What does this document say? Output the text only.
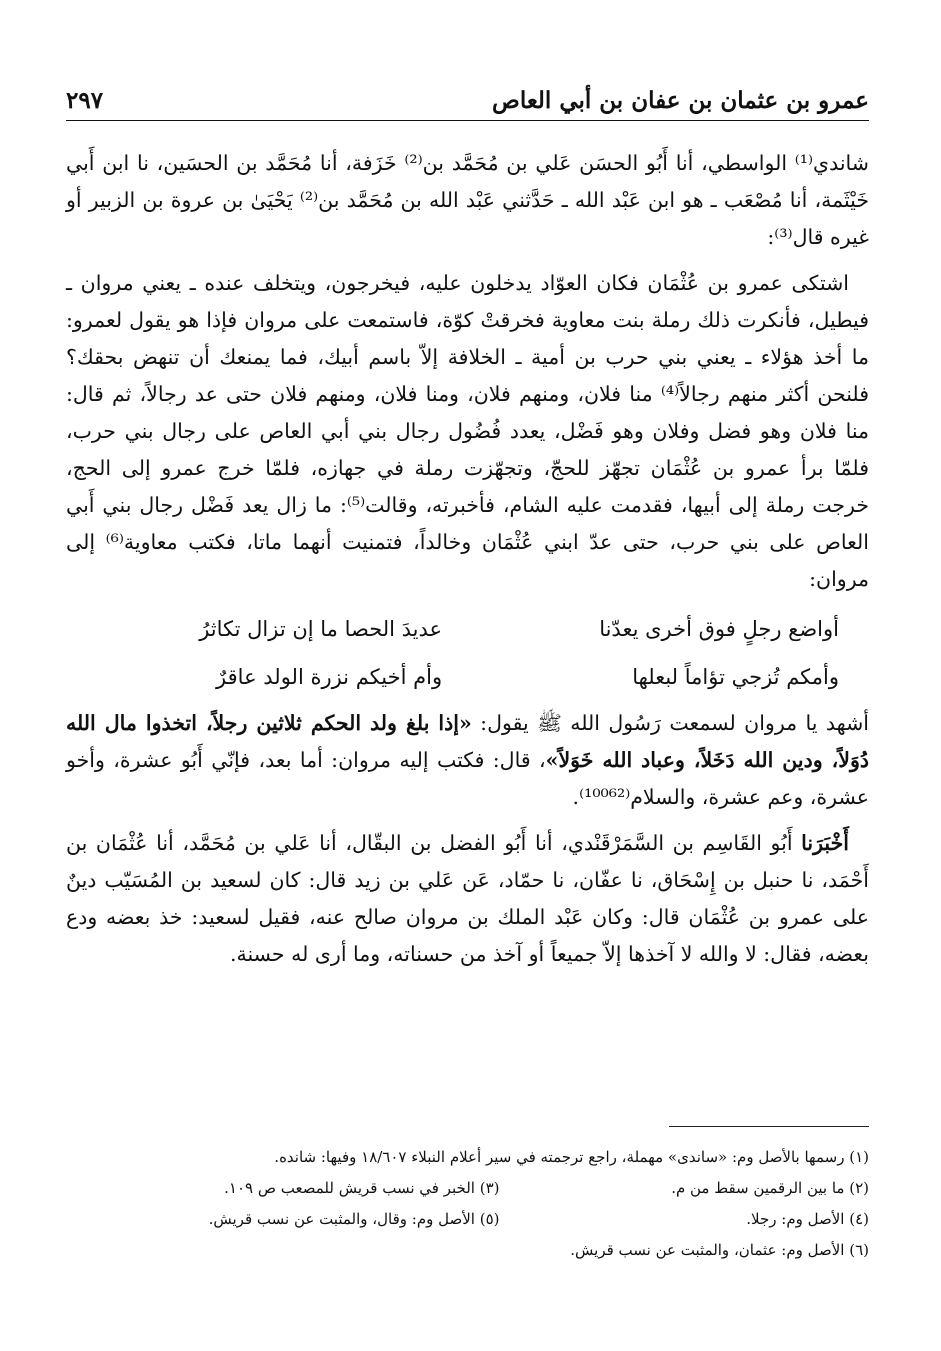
عمرو بن عثمان بن عفان بن أبي العاص
٢٩٧

شاندي⁽¹⁾ الواسطي، أنا أَبُو الحسَن عَلي بن مُحَمَّد بن⁽²⁾ خَزَفة، أنا مُحَمَّد بن الحسَين، نا ابن أَبي خَيْثَمة، أنا مُصْعَب ـ هو ابن عَبْد الله ـ حَدَّثني عَبْد الله بن مُحَمَّد بن⁽²⁾ يَحْيَىٰ بن عروة بن الزبير أو غيره قال⁽³⁾:

اشتكى عمرو بن عُثْمَان فكان العوّاد يدخلون عليه، فيخرجون، ويتخلف عنده ـ يعني مروان ـ فيطيل، فأنكرت ذلك رملة بنت معاوية فخرقتْ كوّة، فاستمعت على مروان فإذا هو يقول لعمرو: ما أخذ هؤلاء ـ يعني بني حرب بن أمية ـ الخلافة إلاّ باسم أبيك، فما يمنعك أن تنهض بحقك؟ فلنحن أكثر منهم رجالاً⁽⁴⁾ منا فلان، ومنهم فلان، ومنا فلان، ومنهم فلان حتى عد رجالاً، ثم قال: منا فلان وهو فضل وفلان وهو فَضْل، يعدد فُضُول رجال بني أبي العاص على رجال بني حرب، فلمّا برأ عمرو بن عُثْمَان تجهّز للحجّ، وتجهّزت رملة في جهازه، فلمّا خرج عمرو إلى الحج، خرجت رملة إلى أبيها، فقدمت عليه الشام، فأخبرته، وقالت⁽⁵⁾: ما زال يعد فَضْل رجال بني أَبي العاص على بني حرب، حتى عدّ ابني عُثْمَان وخالداً، فتمنيت أنهما ماتا، فكتب معاوية⁽⁶⁾ إلى مروان:

أواضع رجلٍ فوق أخرى يعدّنا
عديدَ الحصا ما إن تزال تكاثرُ
وأمكم تُزجي تؤاماً لبعلها
وأم أخيكم نزرة الولد عاقرٌ

أشهد يا مروان لسمعت رَسُول الله ﷺ يقول: «إذا بلغ ولد الحكم ثلاثين رجلاً، اتخذوا مال الله دُوَلاً، ودين الله دَخَلاً، وعباد الله خَوَلاً»، قال: فكتب إليه مروان: أما بعد، فإنّي أَبُو عشرة، وأخو عشرة، وعم عشرة، والسلام⁽¹⁰⁰⁶²⁾.

أَخْبَرَنا أَبُو القَاسِم بن السَّمَرْقَنْدي، أنا أَبُو الفضل بن البقّال، أنا عَلي بن مُحَمَّد، أنا عُثْمَان بن أَحْمَد، نا حنبل بن إِسْحَاق، نا عفّان، نا حمّاد، عَن عَلي بن زيد قال: كان لسعيد بن المُسَيّب دينٌ على عمرو بن عُثْمَان قال: وكان عَبْد الملك بن مروان صالح عنه، فقيل لسعيد: خذ بعضه ودع بعضه، فقال: لا والله لا آخذها إلاّ جميعاً أو آخذ من حسناته، وما أرى له حسنة.

(١) رسمها بالأصل وم: «ساندى» مهملة، راجع ترجمته في سير أعلام النبلاء ١٨/٦٠٧ وفيها: شانده.
(٢) ما بين الرقمين سقط من م.
(٣) الخبر في نسب قريش للمصعب ص ١٠٩.
(٤) الأصل وم: رجلا.
(٥) الأصل وم: وقال، والمثبت عن نسب قريش.
(٦) الأصل وم: عثمان، والمثبت عن نسب قريش.
